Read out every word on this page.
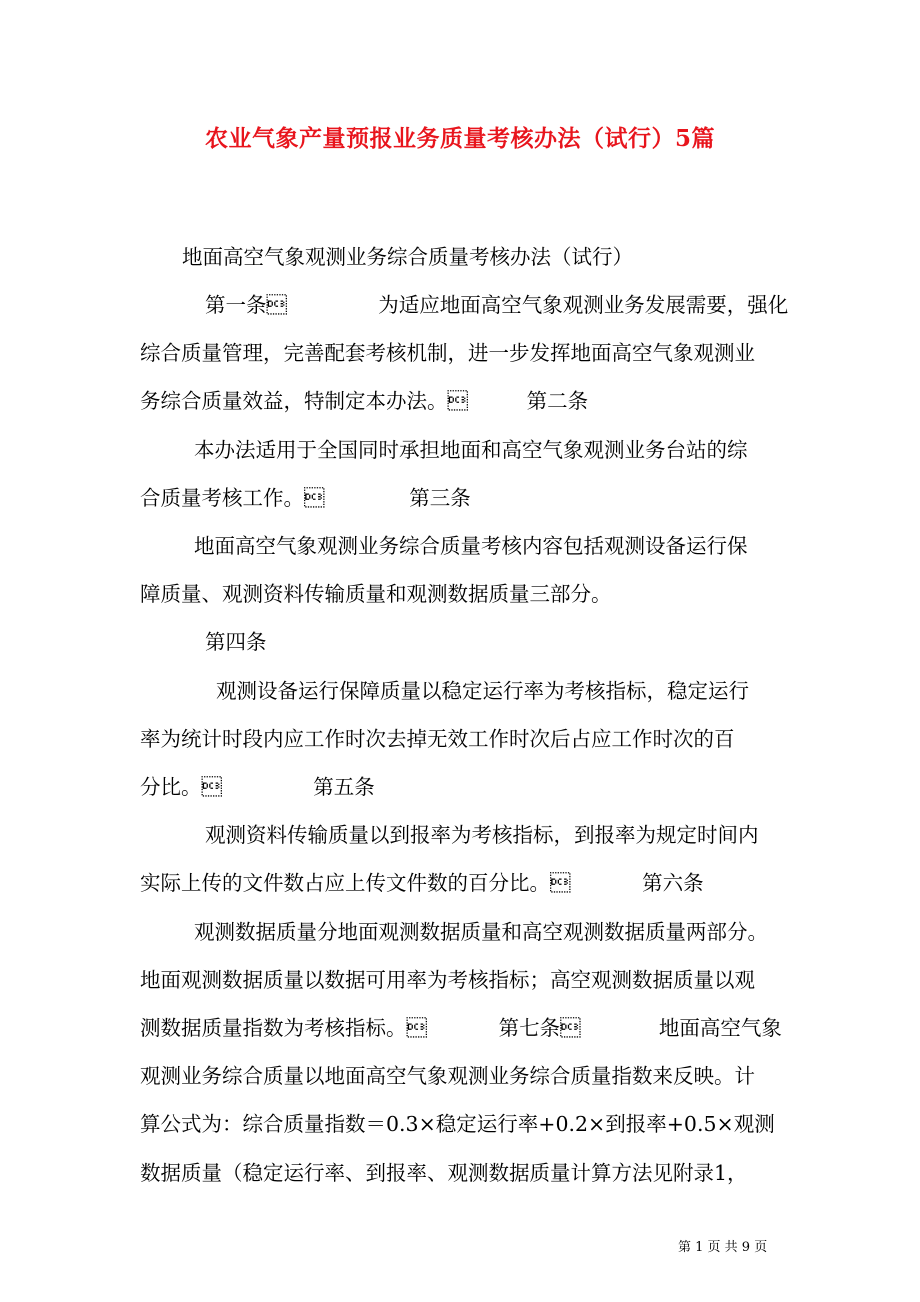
农业气象产量预报业务质量考核办法（试行）5篇
地面高空气象观测业务综合质量考核办法（试行）
第一条              为适应地面高空气象观测业务发展需要，强化
综合质量管理，完善配套考核机制，进一步发挥地面高空气象观测业
务综合质量效益，特制定本办法。         第二条
本办法适用于全国同时承担地面和高空气象观测业务台站的综
合质量考核工作。             第三条
地面高空气象观测业务综合质量考核内容包括观测设备运行保
障质量、观测资料传输质量和观测数据质量三部分。
第四条
观测设备运行保障质量以稳定运行率为考核指标，稳定运行
率为统计时段内应工作时次去掉无效工作时次后占应工作时次的百
分比。              第五条
观测资料传输质量以到报率为考核指标，到报率为规定时间内
实际上传的文件数占应上传文件数的百分比。           第六条
观测数据质量分地面观测数据质量和高空观测数据质量两部分。
地面观测数据质量以数据可用率为考核指标；高空观测数据质量以观
测数据质量指数为考核指标。           第七条            地面高空气象
观测业务综合质量以地面高空气象观测业务综合质量指数来反映。计
算公式为：综合质量指数＝0.3×稳定运行率+0.2×到报率+0.5×观测
数据质量（稳定运行率、到报率、观测数据质量计算方法见附录1，
第 1 页 共 9 页
